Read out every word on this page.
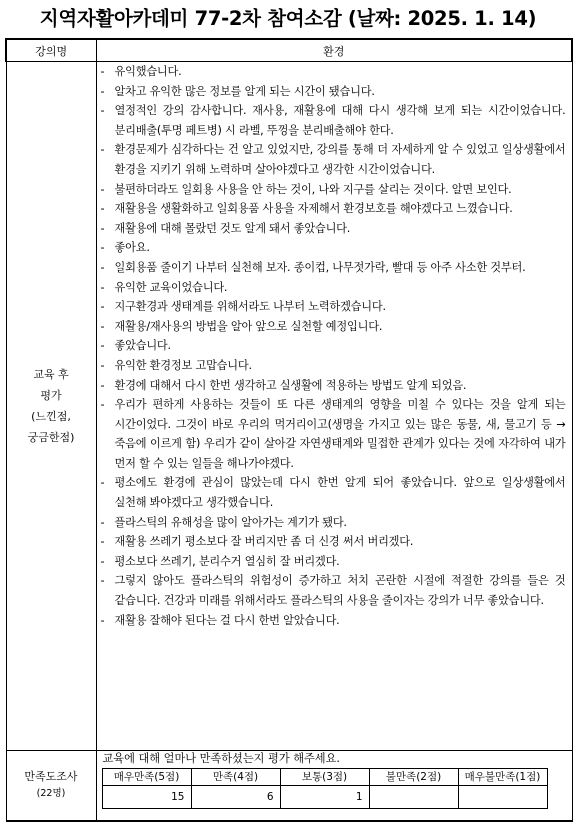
지역자활아카데미 77-2차 참여소감 (날짜: 2025. 1. 14)
강의명	환경

교육 후
평가
(느낀점,
궁금한점)

- 유익했습니다.
- 알차고 유익한 많은 정보를 알게 되는 시간이 됐습니다.
- 열정적인 강의 감사합니다. 재사용, 재활용에 대해 다시 생각해 보게 되는 시간이었습니다. 분리배출(투명 페트병) 시 라벨, 뚜껑을 분리배출해야 한다.
- 환경문제가 심각하다는 건 알고 있었지만, 강의를 통해 더 자세하게 알 수 있었고 일상생활에서 환경을 지키기 위해 노력하며 살아야겠다고 생각한 시간이었습니다.
- 불편하더라도 일회용 사용을 안 하는 것이, 나와 지구를 살리는 것이다. 알면 보인다.
- 재활용을 생활화하고 일회용품 사용을 자제해서 환경보호를 해야겠다고 느꼈습니다.
- 재활용에 대해 몰랐던 것도 알게 돼서 좋았습니다.
- 좋아요.
- 일회용품 줄이기 나부터 실천해 보자. 종이컵, 나무젓가락, 빨대 등 아주 사소한 것부터.
- 유익한 교육이었습니다.
- 지구환경과 생태계를 위해서라도 나부터 노력하겠습니다.
- 재활용/재사용의 방법을 알아 앞으로 실천할 예정입니다.
- 좋았습니다.
- 유익한 환경정보 고맙습니다.
- 환경에 대해서 다시 한번 생각하고 실생활에 적용하는 방법도 알게 되었음.
- 우리가 편하게 사용하는 것들이 또 다른 생태계의 영향을 미칠 수 있다는 것을 알게 되는 시간이었다. 그것이 바로 우리의 먹거리이고(생명을 가지고 있는 많은 동물, 새, 물고기 등 → 죽음에 이르게 함) 우리가 같이 살아갈 자연생태계와 밀접한 관계가 있다는 것에 자각하여 내가 먼저 할 수 있는 일들을 해나가야겠다.
- 평소에도 환경에 관심이 많았는데 다시 한번 알게 되어 좋았습니다. 앞으로 일상생활에서 실천해 봐야겠다고 생각했습니다.
- 플라스틱의 유해성을 많이 알아가는 계기가 됐다.
- 재활용 쓰레기 평소보다 잘 버리지만 좀 더 신경 써서 버리겠다.
- 평소보다 쓰레기, 분리수거 열심히 잘 버리겠다.
- 그렇지 않아도 플라스틱의 위험성이 증가하고 처치 곤란한 시절에 적절한 강의를 들은 것 같습니다. 건강과 미래를 위해서라도 플라스틱의 사용을 줄이자는 강의가 너무 좋았습니다.
- 재활용 잘해야 된다는 걸 다시 한번 알았습니다.

만족도조사
(22명)

교육에 대해 얼마나 만족하셨는지 평가 해주세요.
매우만족(5점)	만족(4점)	보통(3점)	불만족(2점)	매우불만족(1점)
15	6	1		
